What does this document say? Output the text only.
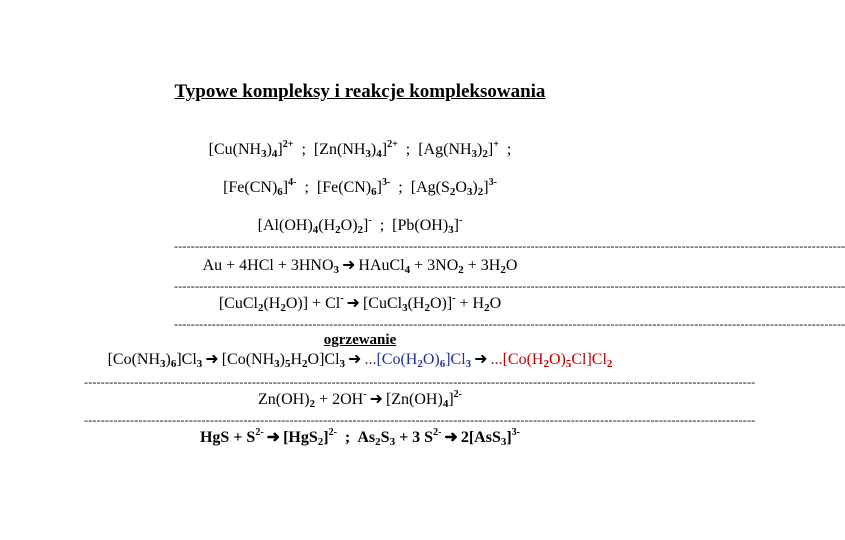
Typowe kompleksy i reakcje kompleksowania
$[Cu(NH_3)_4]^{2+}$  ;  $[Zn(NH_3)_4]^{2+}$  ;  $[Ag(NH_3)_2]^+$  ;
$[Fe(CN)_6]^{4-}$  ;  $[Fe(CN)_6]^{3-}$  ;  $[Ag(S_2O_3)_2]^{3-}$
$[Al(OH)_4(H_2O)_2]^-$  ;  $[Pb(OH)_3]^-$
----------------------------------------------------------------------------------------------------------------------------------------------------------------
$Au + 4HCl + 3HNO_3$ ➜ HAuCl$_4$ + $3NO_2 + 3H_2O$
----------------------------------------------------------------------------------------------------------------------------------------------------------------
$[CuCl_2(H_2O)] + Cl^-$ ➜ $[CuCl_3(H_2O)]^- + H_2O$
----------------------------------------------------------------------------------------------------------------------------------------------------------------
ogrzewanie
$[Co(NH_3)_6]Cl_3$ ➜ $[Co(NH_3)_5H_2O]Cl_3$ ➜ $...[Co(H_2O)_6]Cl_3$ ➜ $...[Co(H_2O)_5Cl]Cl_2$
----------------------------------------------------------------------------------------------------------------------------------------------------------------
$Zn(OH)_2 + 2OH^-$ ➜ $[Zn(OH)_4]^{2-}$
----------------------------------------------------------------------------------------------------------------------------------------------------------------
HgS + $S^{2-}$ ➜ $[HgS_2]^{2-}$  ;  $As_2S_3 + 3$ $S^{2-}$ ➜ $2[AsS_3]^{3-}$
